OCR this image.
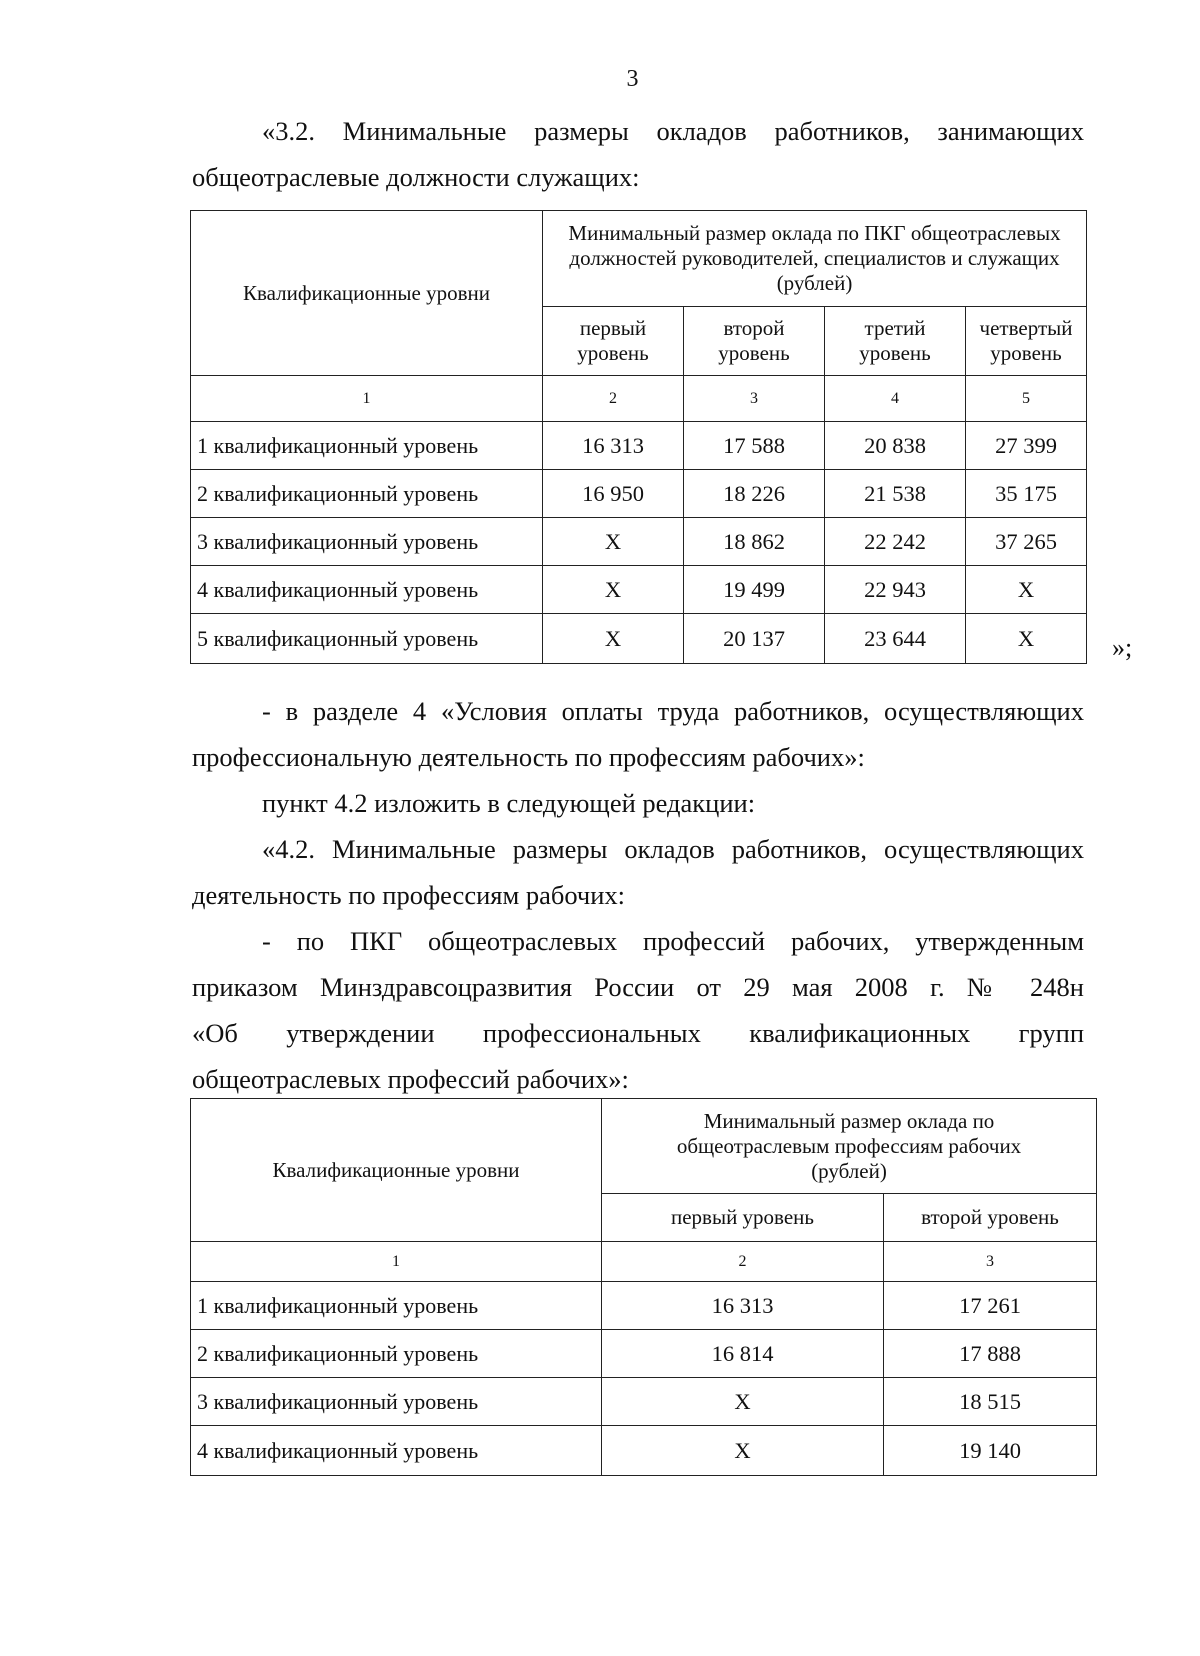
3
«3.2. Минимальные размеры окладов работников, занимающих
общеотраслевые должности служащих:
Квалификационные уровни	Минимальный размер оклада по ПКГ общеотраслевых должностей руководителей, специалистов и служащих (рублей)			
	первый уровень	второй уровень	третий уровень	четвертый уровень
1	2	3	4	5
1 квалификационный уровень	16 313	17 588	20 838	27 399
2 квалификационный уровень	16 950	18 226	21 538	35 175
3 квалификационный уровень	Х	18 862	22 242	37 265
4 квалификационный уровень	Х	19 499	22 943	Х
5 квалификационный уровень	Х	20 137	23 644	Х	»;
- в разделе 4 «Условия оплаты труда работников, осуществляющих
профессиональную деятельность по профессиям рабочих»:
пункт 4.2 изложить в следующей редакции:
«4.2. Минимальные размеры окладов работников, осуществляющих
деятельность по профессиям рабочих:
- по ПКГ общеотраслевых профессий рабочих, утвержденным
приказом Минздравсоцразвития России от 29 мая 2008 г. № 248н
«Об утверждении профессиональных квалификационных групп
общеотраслевых профессий рабочих»:
Квалификационные уровни	Минимальный размер оклада по общеотраслевым профессиям рабочих (рублей)	
	первый уровень	второй уровень
1	2	3
1 квалификационный уровень	16 313	17 261
2 квалификационный уровень	16 814	17 888
3 квалификационный уровень	Х	18 515
4 квалификационный уровень	Х	19 140
